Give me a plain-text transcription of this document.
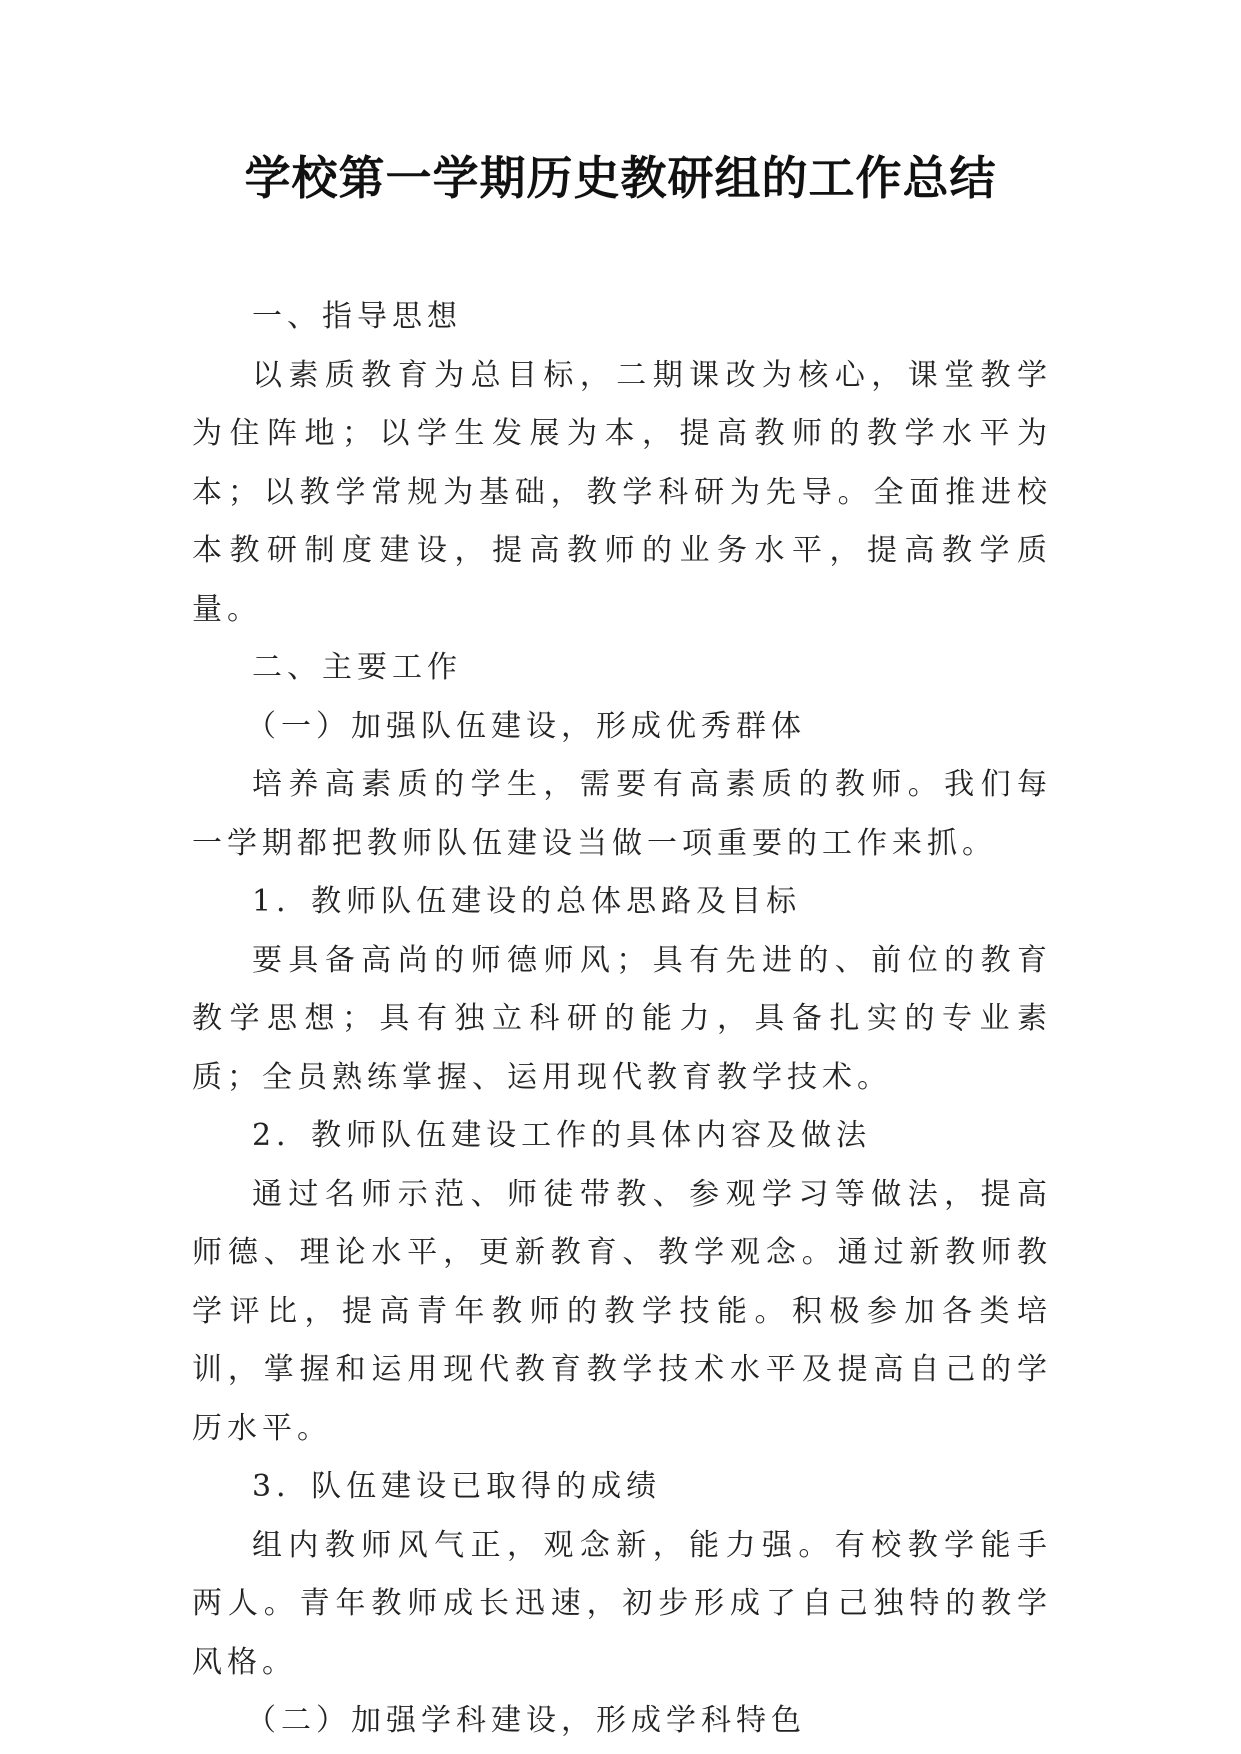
学校第一学期历史教研组的工作总结

一、指导思想

以素质教育为总目标，二期课改为核心，课堂教学为住阵地；以学生发展为本，提高教师的教学水平为本；以教学常规为基础，教学科研为先导。全面推进校本教研制度建设，提高教师的业务水平，提高教学质量。

二、主要工作

（一）加强队伍建设，形成优秀群体

培养高素质的学生，需要有高素质的教师。我们每一学期都把教师队伍建设当做一项重要的工作来抓。

1．教师队伍建设的总体思路及目标

要具备高尚的师德师风；具有先进的、前位的教育教学思想；具有独立科研的能力，具备扎实的专业素质；全员熟练掌握、运用现代教育教学技术。

2．教师队伍建设工作的具体内容及做法

通过名师示范、师徒带教、参观学习等做法，提高师德、理论水平，更新教育、教学观念。通过新教师教学评比，提高青年教师的教学技能。积极参加各类培训，掌握和运用现代教育教学技术水平及提高自己的学历水平。

3．队伍建设已取得的成绩

组内教师风气正，观念新，能力强。有校教学能手两人。青年教师成长迅速，初步形成了自己独特的教学风格。

（二）加强学科建设，形成学科特色
